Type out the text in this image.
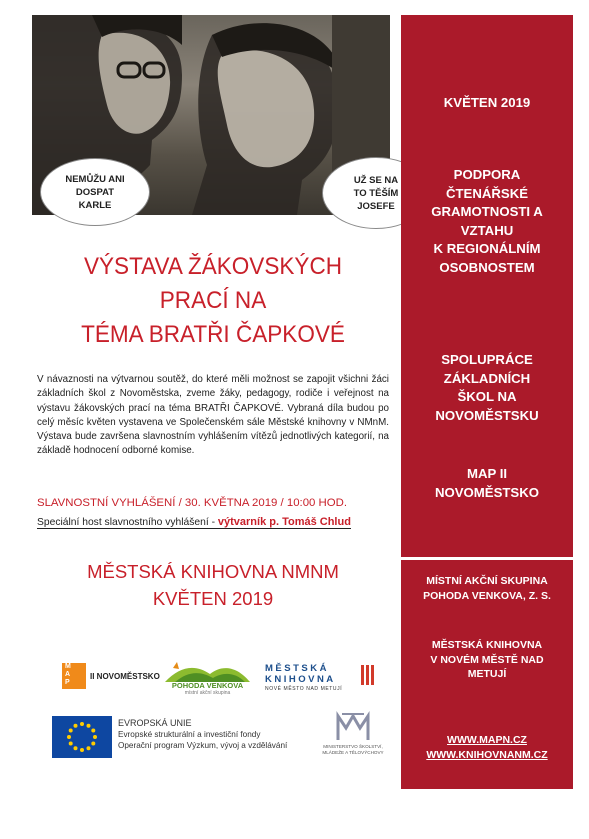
NEMŮŽU ANI
DOSPAT
KARLE
UŽ SE NA
TO TĚŠÍM
JOSEFE
VÝSTAVA ŽÁKOVSKÝCH
PRACÍ NA
TÉMA BRATŘI ČAPKOVÉ
V návaznosti na výtvarnou soutěž, do které měli možnost se zapojit všichni žáci základních škol z Novoměstska, zveme žáky, pedagogy, rodiče i veřejnost na výstavu žákovských prací na téma BRATŘI ČAPKOVÉ. Vybraná díla budou po celý měsíc květen vystavena ve Společenském sále Městské knihovny v NMnM. Výstava bude završena slavnostním vyhlášením vítězů jednotlivých kategorií, na základě hodnocení odborné komise.
SLAVNOSTNÍ VYHLÁŠENÍ / 30. KVĚTNA 2019 / 10:00 HOD.
Speciální host slavnostního vyhlášení - výtvarník p. Tomáš Chlud
MĚSTSKÁ KNIHOVNA NMNM
KVĚTEN 2019
KVĚTEN 2019
PODPORA
ČTENÁŘSKÉ
GRAMOTNOSTI A
VZTAHU
K REGIONÁLNÍM
OSOBNOSTEM
SPOLUPRÁCE
ZÁKLADNÍCH
ŠKOL NA
NOVOMĚSTSKU
MAP II
NOVOMĚSTSKO
MÍSTNÍ AKČNÍ SKUPINA
POHODA VENKOVA, Z. S.
MĚSTSKÁ KNIHOVNA
V NOVÉM MĚSTĚ NAD
METUJÍ
WWW.MAPN.CZ
WWW.KNIHOVNANM.CZ
M
A
P
II NOVOMĚSTSKO
POHODA VENKOVA
místní akční skupina
MĚSTSKÁ
KNIHOVNA
NOVÉ MĚSTO NAD METUJÍ
EVROPSKÁ UNIE
Evropské strukturální a investiční fondy
Operační program Výzkum, vývoj a vzdělávání	MINISTERSTVO ŠKOLSTVÍ,
MLÁDEŽE A TĚLOVÝCHOVY
